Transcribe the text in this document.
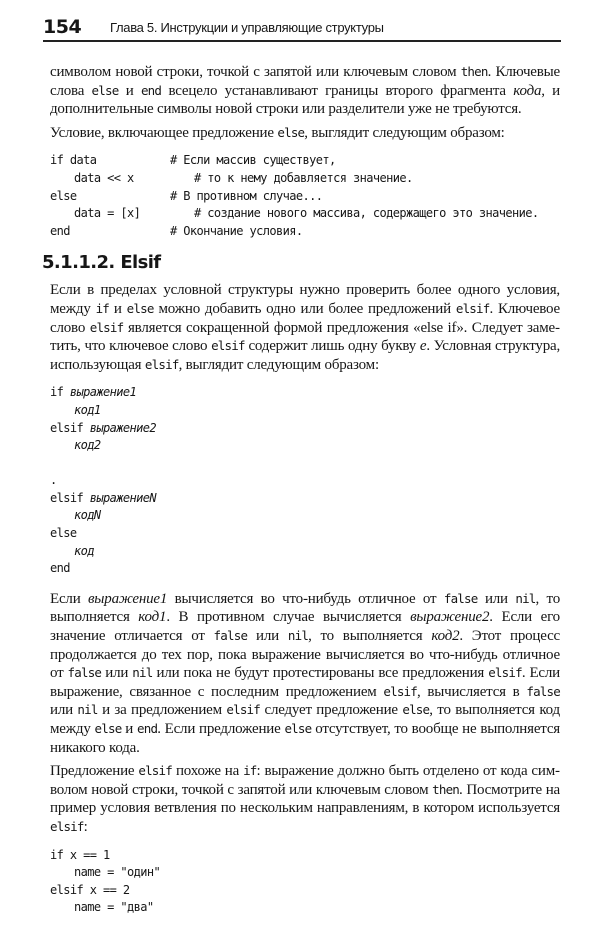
154 Глава 5. Инструкции и управляющие структуры

символом новой строки, точкой с запятой или ключевым словом then. Ключевые слова else и end всецело устанавливают границы второго фрагмента кода, и дополнительные символы новой строки или разделители уже не требуются.

Условие, включающее предложение else, выглядит следующим образом:

if data	# Если массив существует,
data << x	# то к нему добавляется значение.
else	# В противном случае...
data = [x]	# создание нового массива, содержащего это значение.
end	# Окончание условия.
5.1.1.2. Elsif

Если в пределах условной структуры нужно проверить более одного условия, между if и else можно добавить одно или более предложений elsif. Ключевое слово elsif является сокращенной формой предложения «else if». Следует заметить, что ключевое слово elsif содержит лишь одну букву e. Условная структура, использующая elsif, выглядит следующим образом:

if выражение1
код1
elsif выражение2
код2
.
elsif выражениеN
кодN
else
код
end

Если выражение1 вычисляется во что-нибудь отличное от false или nil, то выполняется код1. В противном случае вычисляется выражение2. Если его значение отличается от false или nil, то выполняется код2. Этот процесс продолжается до тех пор, пока выражение вычисляется во что-нибудь отличное от false или nil или пока не будут протестированы все предложения elsif. Если выражение, связанное с последним предложением elsif, вычисляется в false или nil и за предложением elsif следует предложение else, то выполняется код между else и end. Если предложение else отсутствует, то вообще не выполняется никакого кода.

Предложение elsif похоже на if: выражение должно быть отделено от кода символом новой строки, точкой с запятой или ключевым словом then. Посмотрите на пример условия ветвления по нескольким направлениям, в котором используется elsif:

if x == 1
name = "один"
elsif x == 2
name = "два"
